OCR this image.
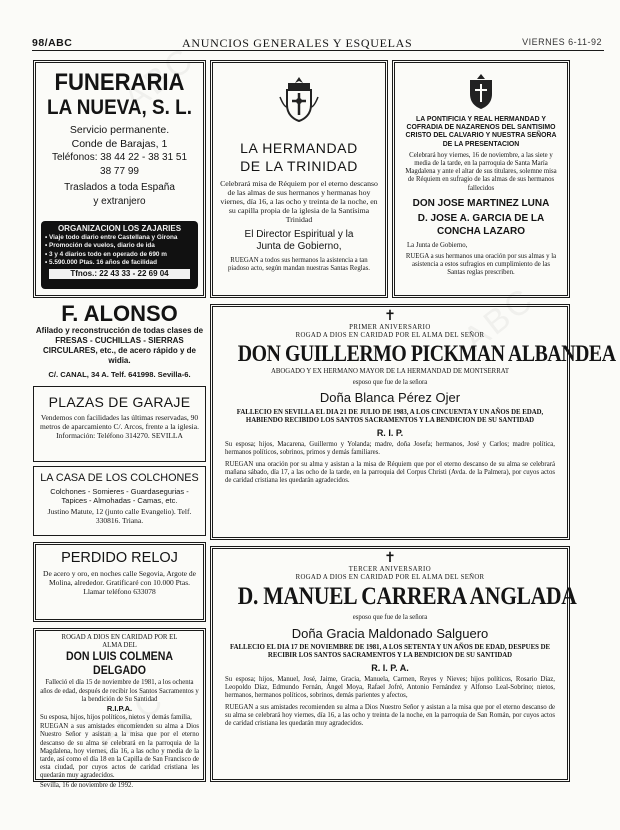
98/ABC	ANUNCIOS GENERALES Y ESQUELAS	VIERNES 6-11-92
FUNERARIA
LA NUEVA, S. L.
Servicio permanente.
Conde de Barajas, 1
Teléfonos: 38 44 22 - 38 31 51
38 77 99
Traslados a toda España
y extranjero
ORGANIZACION LOS ZAJARIES
• Viaje todo diario entre Castellana y Girona
• Promoción de vuelos, diario de ida
• 3 y 4 diarios todo en operado de 690 m
• 5.590.000 Ptas. 16 años de facilidad
Tfnos.: 22 43 33 - 22 69 04
F. ALONSO
Afilado y reconstrucción de todas clases de FRESAS - CUCHILLAS - SIERRAS CIRCULARES, etc., de acero rápido y de widia.
C/. CANAL, 34 A. Telf. 641998. Sevilla-6.
PLAZAS DE GARAJE
Vendemos con facilidades las últimas reservadas, 90 metros de aparcamiento C/. Arcos, frente a la iglesia. Información: Teléfono 314270. SEVILLA
LA CASA DE LOS COLCHONES
Colchones - Somieres - Guardasegurias - Tapices - Almohadas - Camas, etc.
Justino Matute, 12 (junto calle Evangelio). Telf. 330816. Triana.
PERDIDO RELOJ
De acero y oro, en noches calle Segovia, Argote de Molina, alrededor. Gratificaré con 10.000 Ptas. Llamar teléfono 633078
ROGAD A DIOS EN CARIDAD POR EL ALMA DEL
DON LUIS COLMENA DELGADO
Falleció el día 15 de noviembre de 1981, a los ochenta años de edad, después de recibir los Santos Sacramentos y la bendición de Su Santidad
R.I.P.A.
Su esposa, hijos, hijos políticos, nietos y demás familia,
RUEGAN a sus amistades encomienden su alma a Dios Nuestro Señor y asistan a la misa que por el eterno descanso de su alma se celebrará en la parroquia de la Magdalena, hoy viernes, día 16, a las ocho y media de la tarde, así como el día 18 en la Capilla de San Francisco de esta ciudad, por cuyos actos de caridad cristiana les quedarán muy agradecidos.
Sevilla, 16 de noviembre de 1992.
LA HERMANDAD
DE LA TRINIDAD
Celebrará misa de Réquiem por el eterno descanso de las almas de sus hermanos y hermanas hoy viernes, día 16, a las ocho y treinta de la noche, en su capilla propia de la iglesia de la Santísima Trinidad
El Director Espiritual y la
Junta de Gobierno,
RUEGAN a todos sus hermanos la asistencia a tan piadoso acto, según mandan nuestras Santas Reglas.
LA PONTIFICIA Y REAL HERMANDAD Y COFRADIA DE NAZARENOS DEL SANTISIMO CRISTO DEL CALVARIO Y NUESTRA SEÑORA DE LA PRESENTACION
Celebrará hoy viernes, 16 de noviembre, a las siete y media de la tarde, en la parroquia de Santa María Magdalena y ante el altar de sus titulares, solemne misa de Réquiem en sufragio de las almas de sus hermanos fallecidos
DON JOSE MARTINEZ LUNA
D. JOSE A. GARCIA DE LA
CONCHA LAZARO
La Junta de Gobierno,
RUEGA a sus hermanos una oración por sus almas y la asistencia a estos sufragios en cumplimiento de las Santas reglas prescriben.
✝
PRIMER ANIVERSARIO
ROGAD A DIOS EN CARIDAD POR EL ALMA DEL SEÑOR
DON GUILLERMO PICKMAN ALBANDEA
ABOGADO Y EX HERMANO MAYOR DE LA HERMANDAD DE MONTSERRAT
esposo que fue de la señora
Doña Blanca Pérez Ojer
FALLECIO EN SEVILLA EL DIA 21 DE JULIO DE 1983, A LOS CINCUENTA Y UN AÑOS DE EDAD, HABIENDO RECIBIDO LOS SANTOS SACRAMENTOS Y LA BENDICION DE SU SANTIDAD
R. I. P.
Su esposa; hijos, Macarena, Guillermo y Yolanda; madre, doña Josefa; hermanos, José y Carlos; madre política, hermanos políticos, sobrinos, primos y demás familiares.
RUEGAN una oración por su alma y asistan a la misa de Réquiem que por el eterno descanso de su alma se celebrará mañana sábado, día 17, a las ocho de la tarde, en la parroquia del Corpus Christi (Avda. de la Palmera), por cuyos actos de caridad cristiana les quedarán agradecidos.
✝
TERCER ANIVERSARIO
ROGAD A DIOS EN CARIDAD POR EL ALMA DEL SEÑOR
D. MANUEL CARRERA ANGLADA
esposo que fue de la señora
Doña Gracia Maldonado Salguero
FALLECIO EL DIA 17 DE NOVIEMBRE DE 1981, A LOS SETENTA Y UN AÑOS DE EDAD, DESPUES DE RECIBIR LOS SANTOS SACRAMENTOS Y LA BENDICION DE SU SANTIDAD
R. I. P. A.
Su esposa; hijos, Manuel, José, Jaime, Gracia, Manuela, Carmen, Reyes y Nieves; hijos políticos, Rosario Díaz, Leopoldo Díaz, Edmundo Fernán, Ángel Moya, Rafael Jofré, Antonio Fernández y Alfonso Leal-Sobrino; nietos, hermanos, hermanos políticos, sobrinos, demás parientes y afectos,
RUEGAN a sus amistades recomienden su alma a Dios Nuestro Señor y asistan a la misa que por el eterno descanso de su alma se celebrará hoy viernes, día 16, a las ocho y treinta de la noche, en la parroquia de San Román, por cuyos actos de caridad cristiana les quedarán muy agradecidos.
